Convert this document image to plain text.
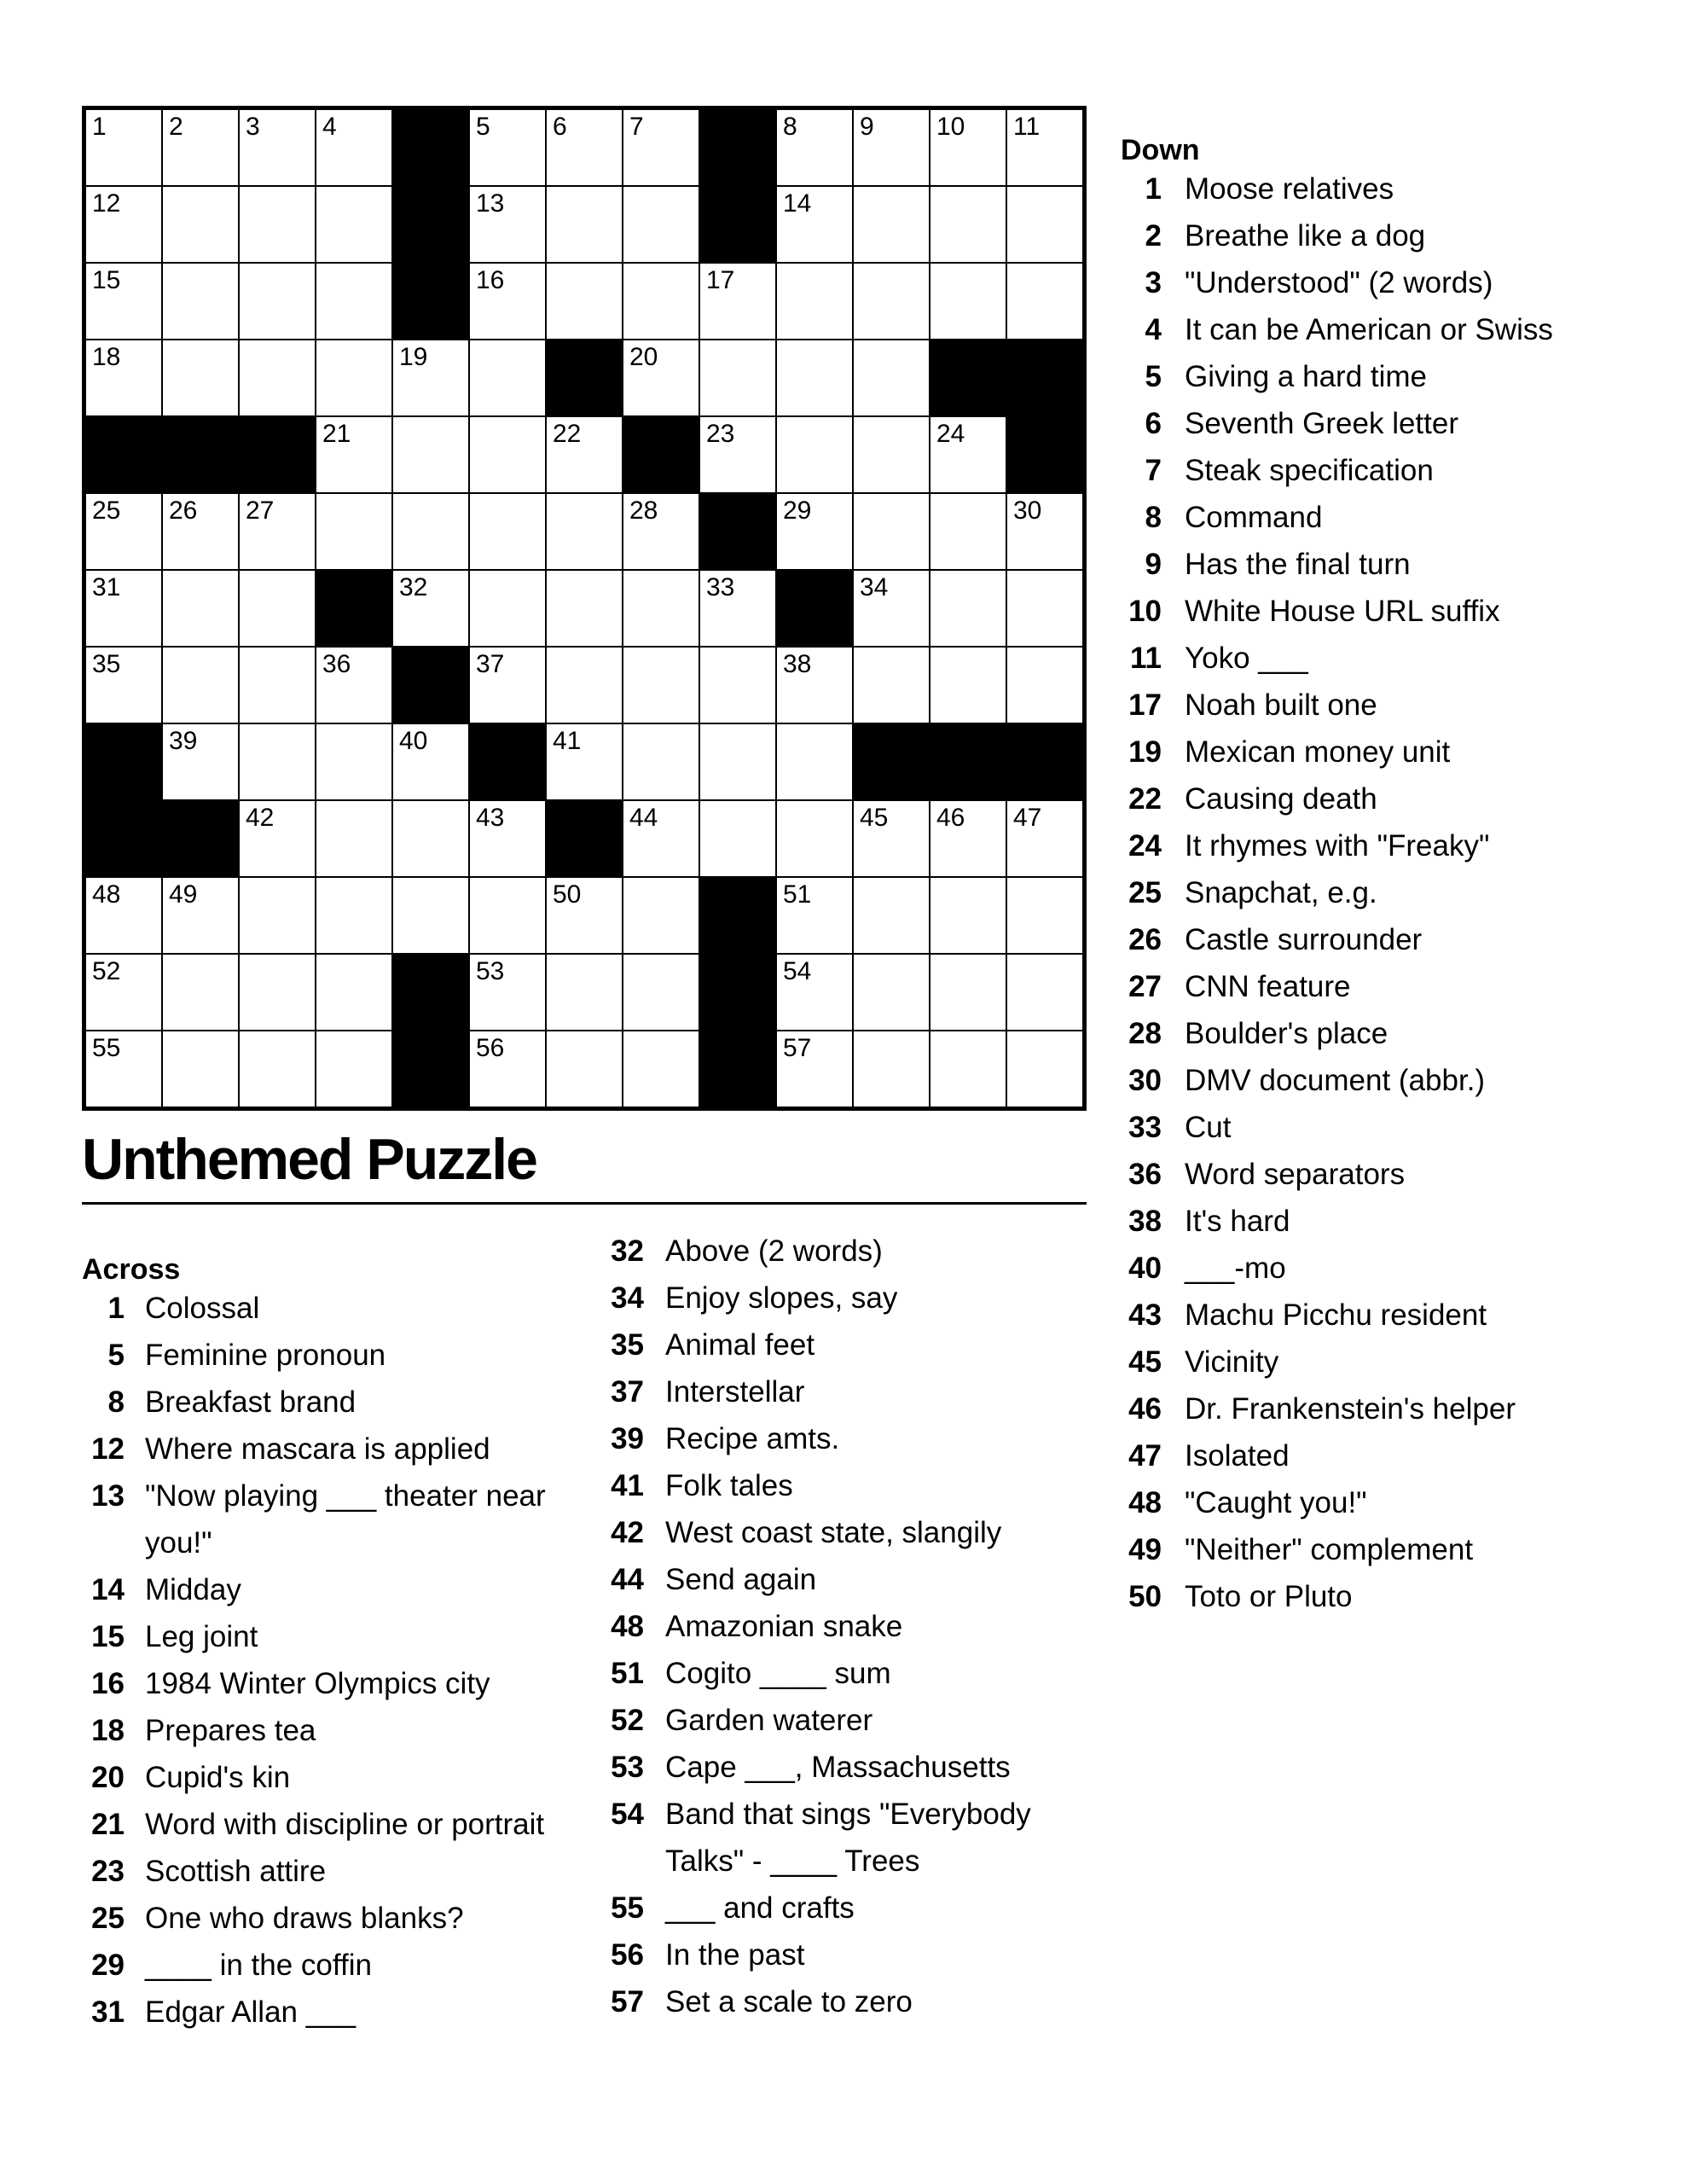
1	2	3	4	5	6	7	8	9	10	11
12	13	14
15	16	17
18	19	20
21	22	23	24
25	26	27	28	29	30
31	32	33	34
35	36	37	38
39	40	41
42	43	44	45	46	47
48	49	50	51
52	53	54
55	56	57
Unthemed Puzzle
Across
1 Colossal
5 Feminine pronoun
8 Breakfast brand
12 Where mascara is applied
13 "Now playing ___ theater near you!"
14 Midday
15 Leg joint
16 1984 Winter Olympics city
18 Prepares tea
20 Cupid's kin
21 Word with discipline or portrait
23 Scottish attire
25 One who draws blanks?
29 ____ in the coffin
31 Edgar Allan ___
32 Above (2 words)
34 Enjoy slopes, say
35 Animal feet
37 Interstellar
39 Recipe amts.
41 Folk tales
42 West coast state, slangily
44 Send again
48 Amazonian snake
51 Cogito ____ sum
52 Garden waterer
53 Cape ___, Massachusetts
54 Band that sings "Everybody Talks" - ____ Trees
55 ___ and crafts
56 In the past
57 Set a scale to zero
Down
1 Moose relatives
2 Breathe like a dog
3 "Understood" (2 words)
4 It can be American or Swiss
5 Giving a hard time
6 Seventh Greek letter
7 Steak specification
8 Command
9 Has the final turn
10 White House URL suffix
11 Yoko ___
17 Noah built one
19 Mexican money unit
22 Causing death
24 It rhymes with "Freaky"
25 Snapchat, e.g.
26 Castle surrounder
27 CNN feature
28 Boulder's place
30 DMV document (abbr.)
33 Cut
36 Word separators
38 It's hard
40 ___-mo
43 Machu Picchu resident
45 Vicinity
46 Dr. Frankenstein's helper
47 Isolated
48 "Caught you!"
49 "Neither" complement
50 Toto or Pluto
